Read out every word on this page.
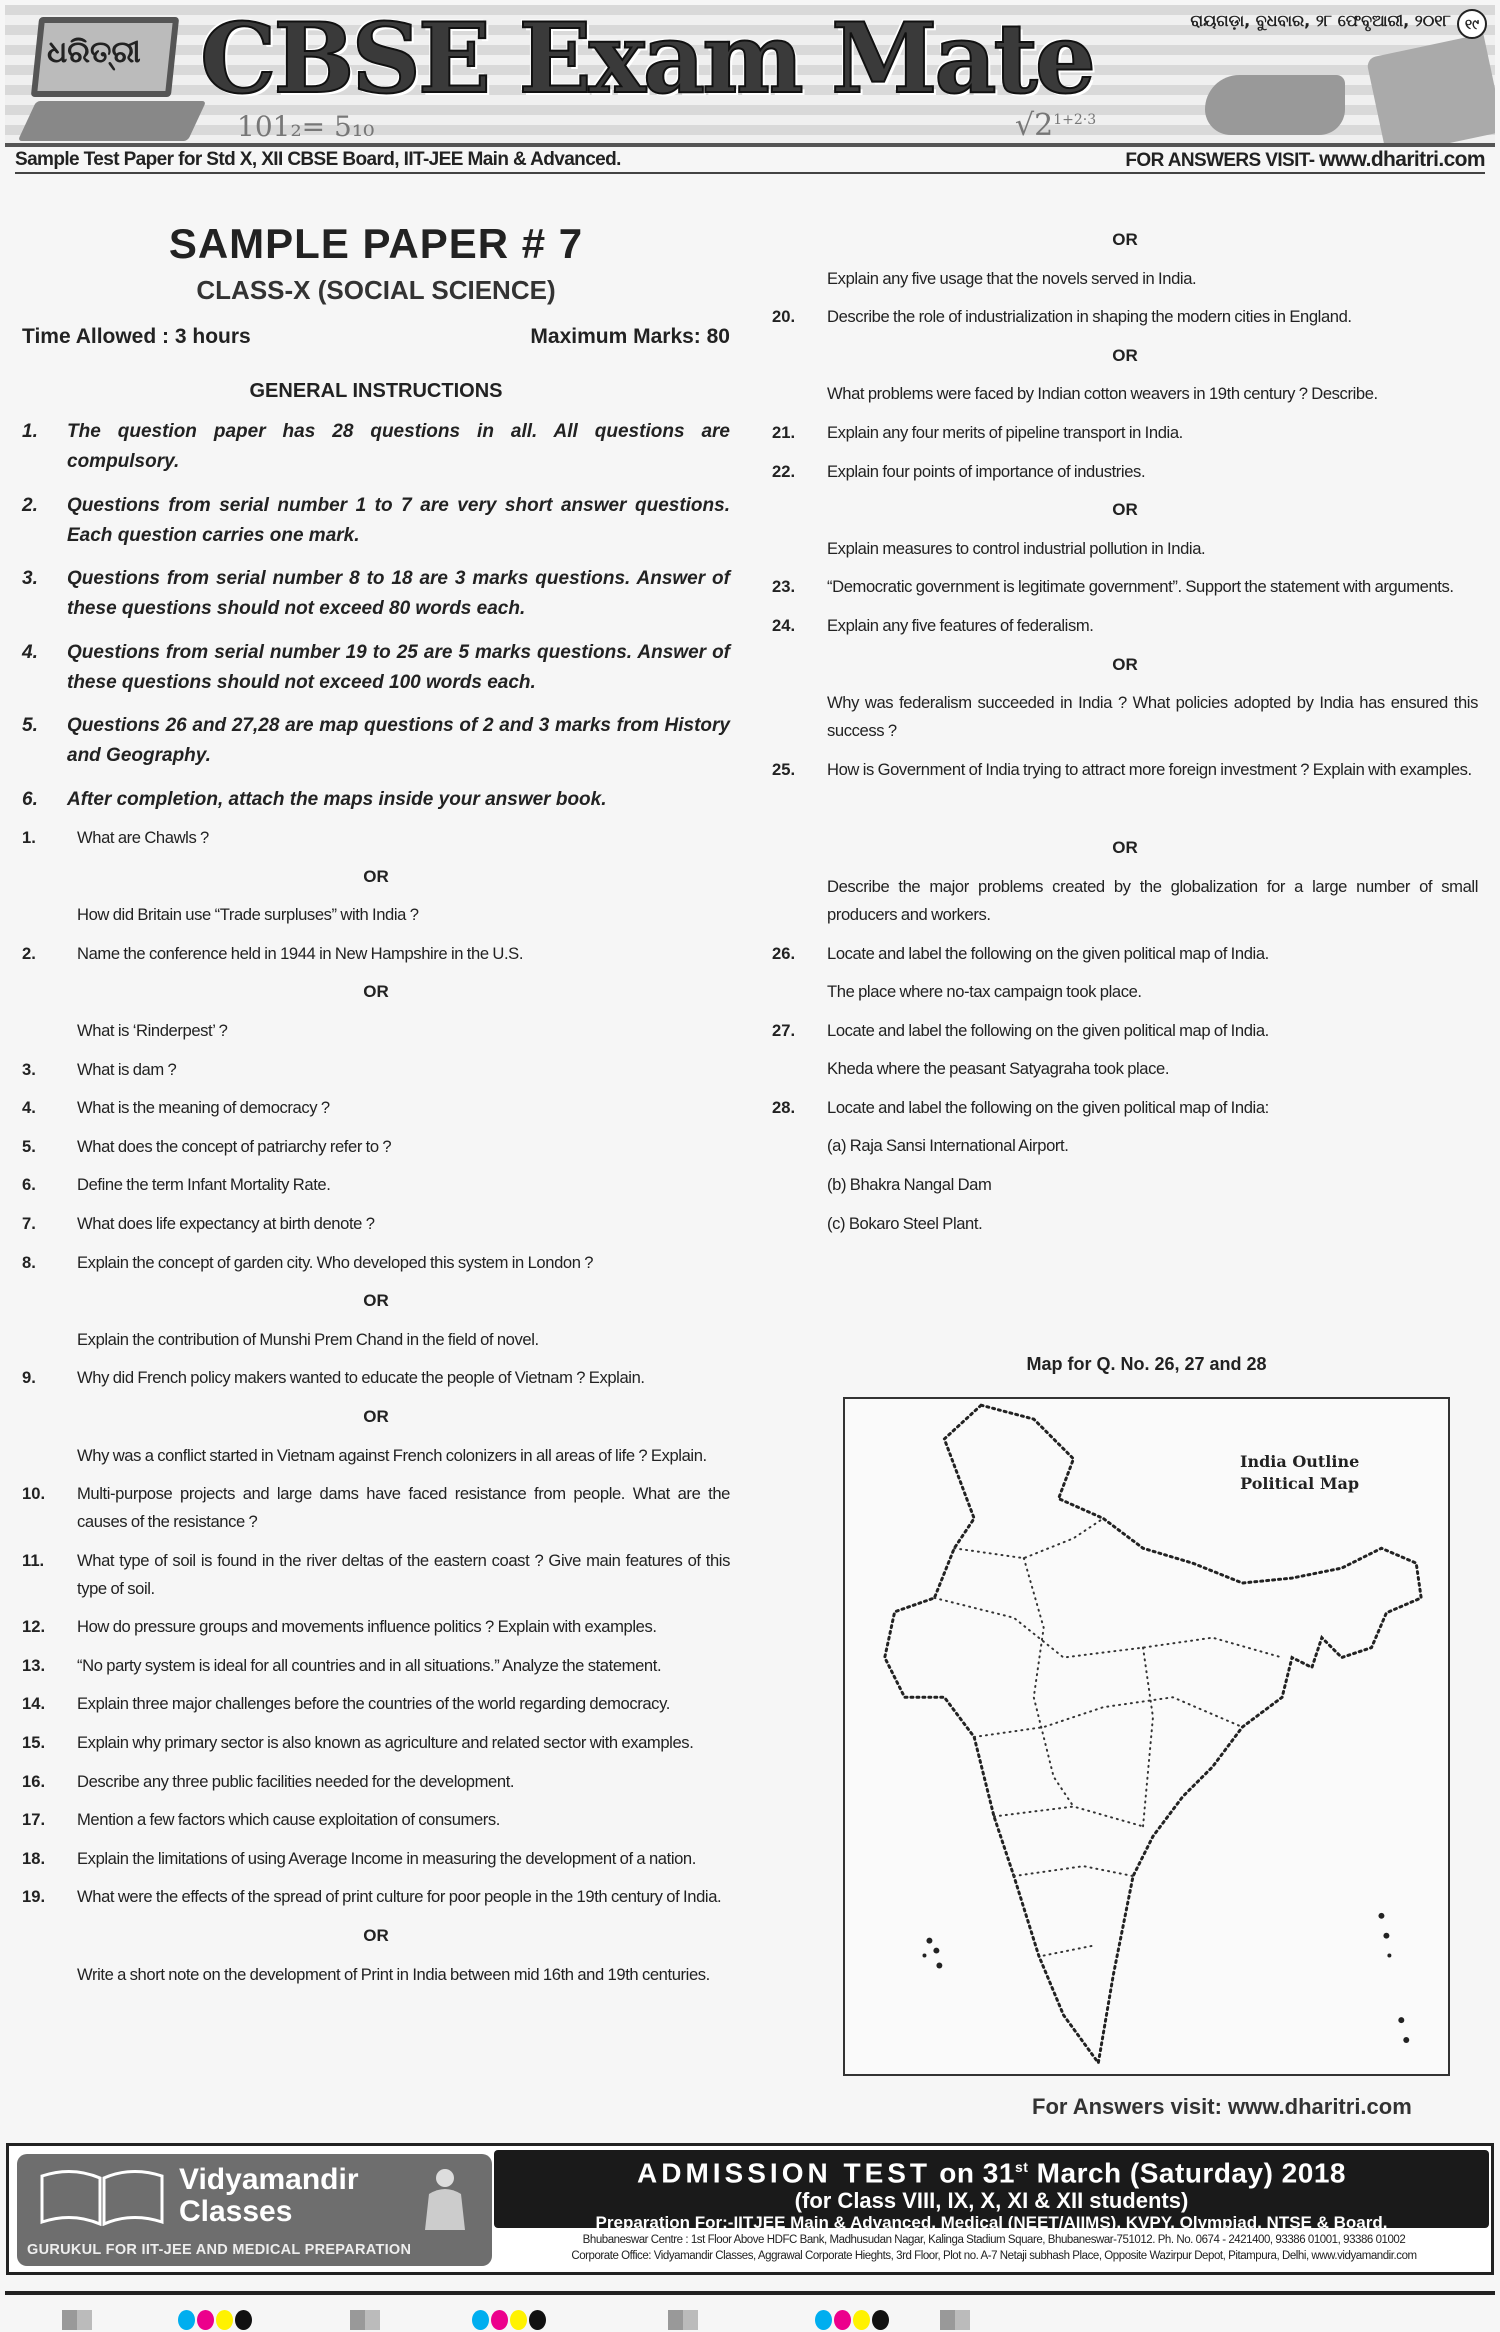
ଧରିତ୍ରୀ
101₂= 5₁₀	$√2^{1+2\cdot 3}$
CBSE Exam Mate	ରାୟଗଡ଼ା, ବୁଧବାର, ୨୮ ଫେବୃଆରୀ, ୨୦୧୮ ୧୯
Sample Test Paper for Std X, XII CBSE Board, IIT-JEE Main & Advanced.	FOR ANSWERS VISIT- www.dharitri.com
SAMPLE PAPER # 7
CLASS-X (SOCIAL SCIENCE)
Time Allowed : 3 hours	Maximum Marks: 80
GENERAL INSTRUCTIONS
1.	The question paper has 28 questions in all. All questions are compulsory.
2.	Questions from serial number 1 to 7 are very short answer questions. Each question carries one mark.
3.	Questions from serial number 8 to 18 are 3 marks questions. Answer of these questions should not exceed 80 words each.
4.	Questions from serial number 19 to 25 are 5 marks questions. Answer of these questions should not exceed 100 words each.
5.	Questions 26 and 27,28 are map questions of 2 and 3 marks from History and Geography.
6.	After completion, attach the maps inside your answer book.
1.	What are Chawls ?
OR
How did Britain use “Trade surpluses” with India ?
2.	Name the conference held in 1944 in New Hampshire in the U.S.
OR
What is ‘Rinderpest’ ?
3.	What is dam ?
4.	What is the meaning of democracy ?
5.	What does the concept of patriarchy refer to ?
6.	Define the term Infant Mortality Rate.
7.	What does life expectancy at birth denote ?
8.	Explain the concept of garden city. Who developed this system in London ?
OR
Explain the contribution of Munshi Prem Chand in the field of novel.
9.	Why did French policy makers wanted to educate the people of Vietnam ? Explain.
OR
Why was a conflict started in Vietnam against French colonizers in all areas of life ? Explain.
10.	Multi-purpose projects and large dams have faced resistance from people. What are the causes of the resistance ?
11.	What type of soil is found in the river deltas of the eastern coast ? Give main features of this type of soil.
12.	How do pressure groups and movements influence politics ? Explain with examples.
13.	“No party system is ideal for all countries and in all situations.” Analyze the statement.
14.	Explain three major challenges before the countries of the world regarding democracy.
15.	Explain why primary sector is also known as agriculture and related sector with examples.
16.	Describe any three public facilities needed for the development.
17.	Mention a few factors which cause exploitation of consumers.
18.	Explain the limitations of using Average Income in measuring the development of a nation.
19.	What were the effects of the spread of print culture for poor people in the 19th century of India.
OR
Write a short note on the development of Print in India between mid 16th and 19th centuries.
OR
Explain any five usage that the novels served in India.
20.	Describe the role of industrialization in shaping the modern cities in England.
OR
What problems were faced by Indian cotton weavers in 19th century ? Describe.
21.	Explain any four merits of pipeline transport in India.
22.	Explain four points of importance of industries.
OR
Explain measures to control industrial pollution in India.
23.	“Democratic government is legitimate government”. Support the statement with arguments.
24.	Explain any five features of federalism.
OR
Why was federalism succeeded in India ? What policies adopted by India has ensured this success ?
25.	How is Government of India trying to attract more foreign investment ? Explain with examples.
OR
Describe the major problems created by the globalization for a large number of small producers and workers.
26.	Locate and label the following on the given political map of India.
The place where no-tax campaign took place.
27.	Locate and label the following on the given political map of India.
Kheda where the peasant Satyagraha took place.
28.	Locate and label the following on the given political map of India:
(a) Raja Sansi International Airport.
(b) Bhakra Nangal Dam
(c) Bokaro Steel Plant.
Map for Q. No. 26, 27 and 28
India Outline
Political Map
For Answers visit: www.dharitri.com
Vidyamandir
Classes
GURUKUL FOR IIT-JEE AND MEDICAL PREPARATION
ADMISSION TEST on 31st March (Saturday) 2018
(for Class VIII, IX, X, XI & XII students)
Preparation For:-IITJEE Main & Advanced, Medical (NEET/AIIMS), KVPY, Olympiad, NTSE & Board.
Bhubaneswar Centre : 1st Floor Above HDFC Bank, Madhusudan Nagar, Kalinga Stadium Square, Bhubaneswar-751012. Ph. No. 0674 - 2421400, 93386 01001, 93386 01002
Corporate Office: Vidyamandir Classes, Aggrawal Corporate Hieghts, 3rd Floor, Plot no. A-7 Netaji subhash Place, Opposite Wazirpur Depot, Pitampura, Delhi, www.vidyamandir.com
